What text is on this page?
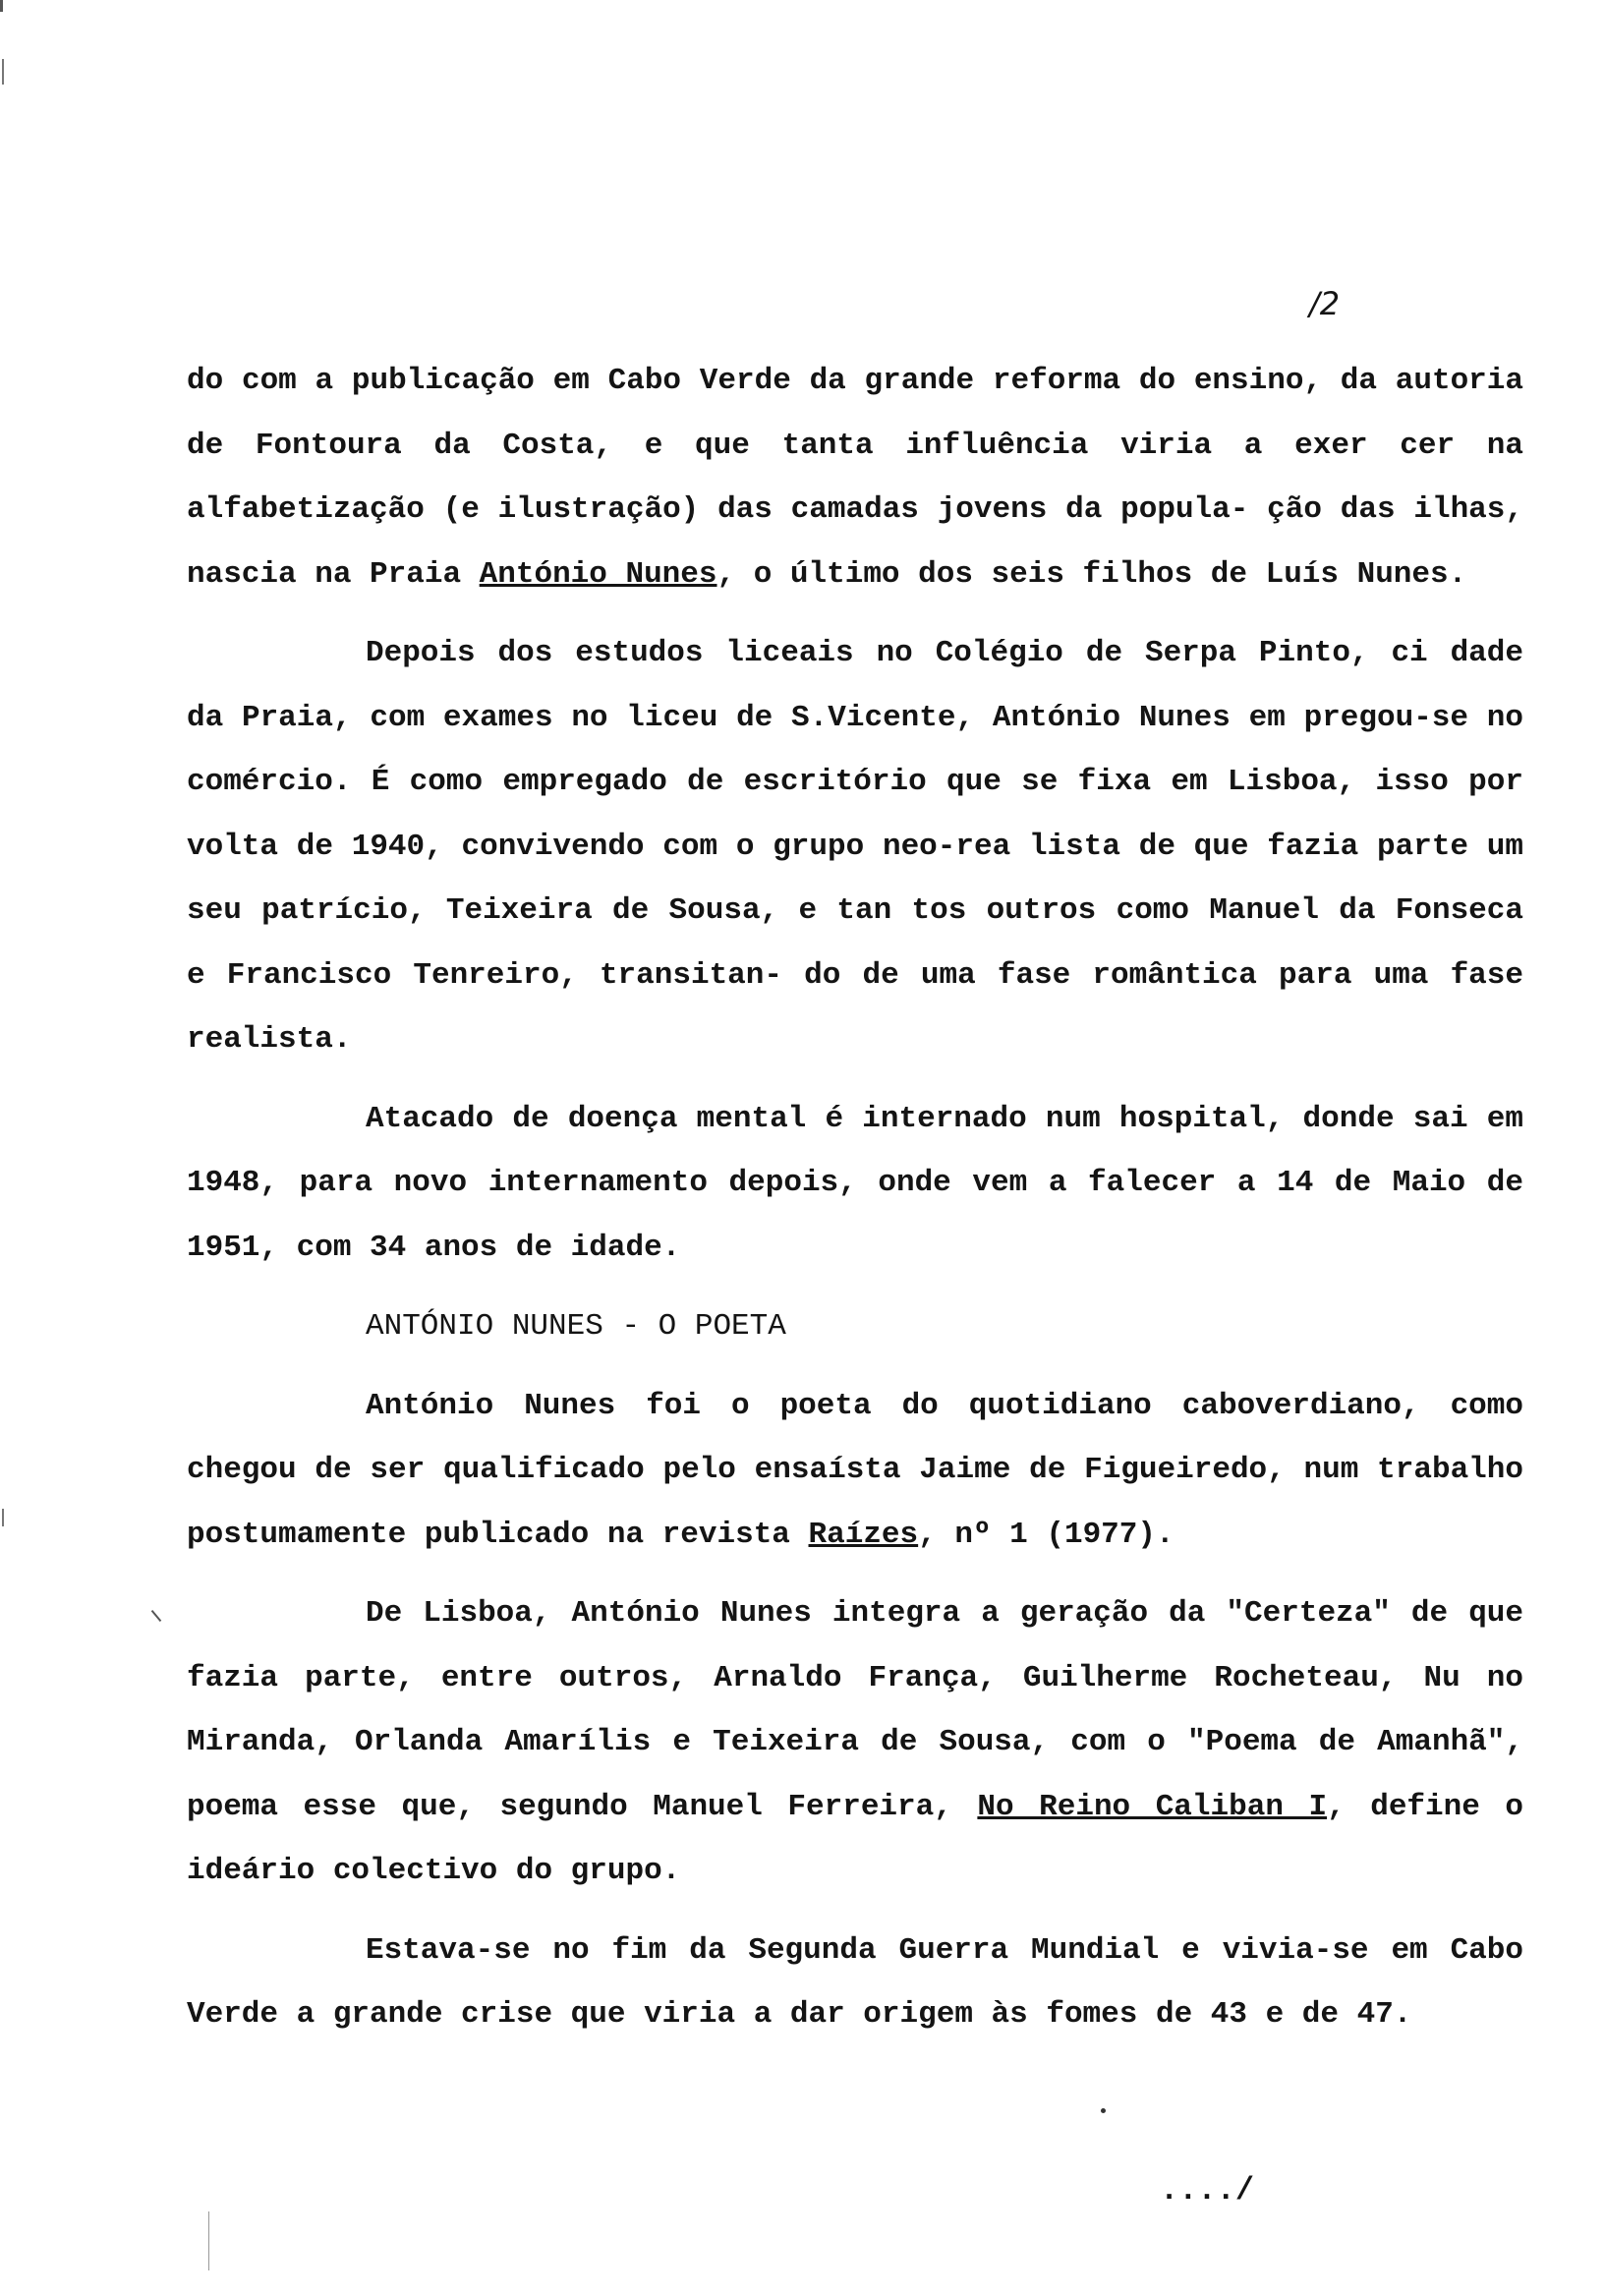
/2

do com a publicação em Cabo Verde da grande reforma do ensino, da autoria de Fontoura da Costa, e que tanta influência viria a exer cer na alfabetização (e ilustração) das camadas jovens da popula- ção das ilhas, nascia na Praia António Nunes, o último dos seis filhos de Luís Nunes.

Depois dos estudos liceais no Colégio de Serpa Pinto, ci dade da Praia, com exames no liceu de S.Vicente, António Nunes em pregou-se no comércio. É como empregado de escritório que se fixa em Lisboa, isso por volta de 1940, convivendo com o grupo neo-rea lista de que fazia parte um seu patrício, Teixeira de Sousa, e tan tos outros como Manuel da Fonseca e Francisco Tenreiro, transitan- do de uma fase romântica para uma fase realista.

Atacado de doença mental é internado num hospital, donde sai em 1948, para novo internamento depois, onde vem a falecer a 14 de Maio de 1951, com 34 anos de idade.

ANTÓNIO NUNES - O POETA

António Nunes foi o poeta do quotidiano caboverdiano, como chegou de ser qualificado pelo ensaísta Jaime de Figueiredo, num trabalho postumamente publicado na revista Raízes, nº 1 (1977).

De Lisboa, António Nunes integra a geração da "Certeza" de que fazia parte, entre outros, Arnaldo França, Guilherme Rocheteau, Nu no Miranda, Orlanda Amarílis e Teixeira de Sousa, com o "Poema de Amanhã", poema esse que, segundo Manuel Ferreira, No Reino Caliban I, define o ideário colectivo do grupo.

Estava-se no fim da Segunda Guerra Mundial e vivia-se em Cabo Verde a grande crise que viria a dar origem às fomes de 43 e de 47.

..../
